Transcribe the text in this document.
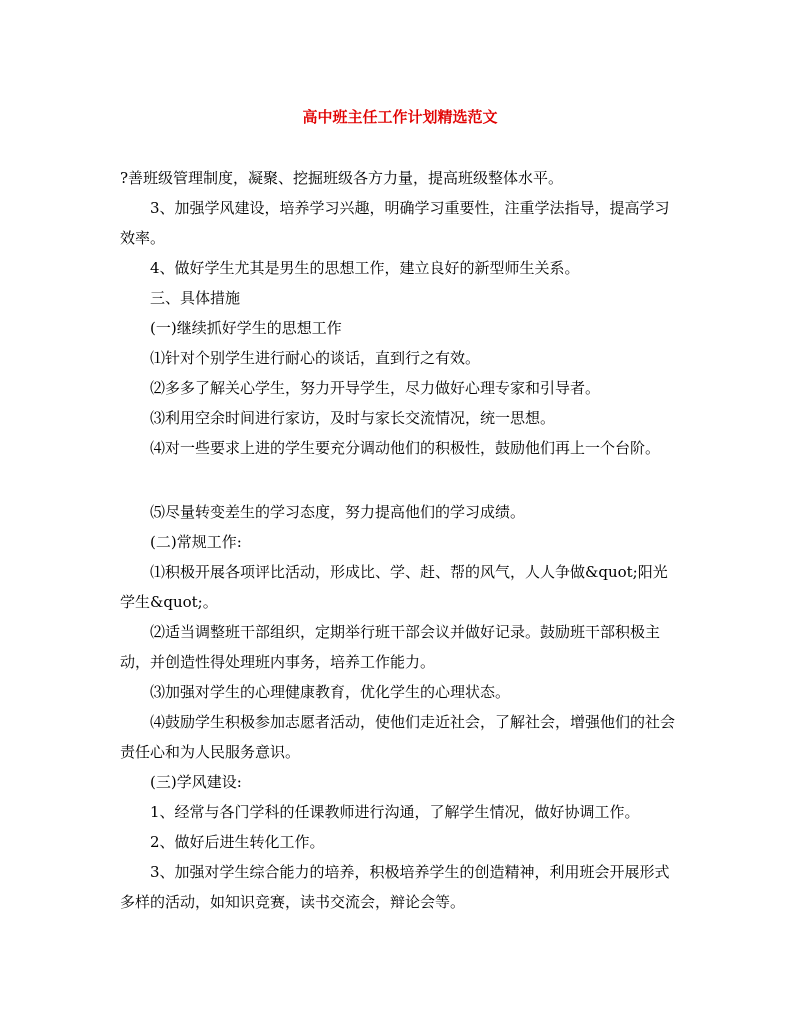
高中班主任工作计划精选范文
?善班级管理制度，凝聚、挖掘班级各方力量，提高班级整体水平。
3、加强学风建设，培养学习兴趣，明确学习重要性，注重学法指导，提高学习效率。
4、做好学生尤其是男生的思想工作，建立良好的新型师生关系。
三、具体措施
(一)继续抓好学生的思想工作
⑴针对个别学生进行耐心的谈话，直到行之有效。
⑵多多了解关心学生，努力开导学生，尽力做好心理专家和引导者。
⑶利用空余时间进行家访，及时与家长交流情况，统一思想。
⑷对一些要求上进的学生要充分调动他们的积极性，鼓励他们再上一个台阶。
⑸尽量转变差生的学习态度，努力提高他们的学习成绩。
(二)常规工作:
⑴积极开展各项评比活动，形成比、学、赶、帮的风气，人人争做&quot;阳光学生&quot;。
⑵适当调整班干部组织，定期举行班干部会议并做好记录。鼓励班干部积极主动，并创造性得处理班内事务，培养工作能力。
⑶加强对学生的心理健康教育，优化学生的心理状态。
⑷鼓励学生积极参加志愿者活动，使他们走近社会，了解社会，增强他们的社会责任心和为人民服务意识。
(三)学风建设:
1、经常与各门学科的任课教师进行沟通，了解学生情况，做好协调工作。
2、做好后进生转化工作。
3、加强对学生综合能力的培养，积极培养学生的创造精神，利用班会开展形式多样的活动，如知识竞赛，读书交流会，辩论会等。
